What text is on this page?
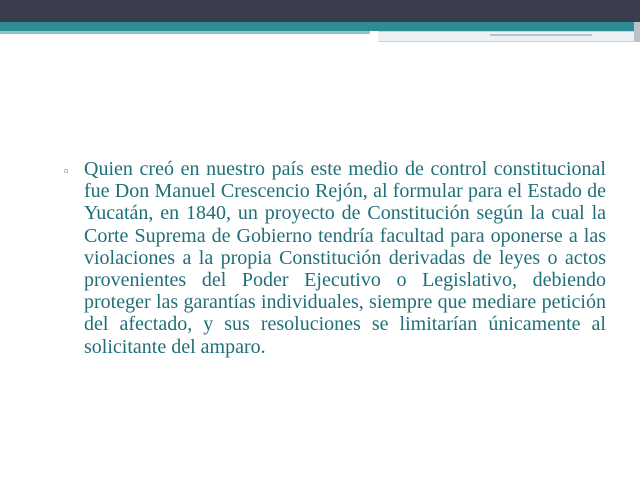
▫ Quien creó en nuestro país este medio de control constitucional fue Don Manuel Crescencio Rejón, al formular para el Estado de Yucatán, en 1840, un proyecto de Constitución según la cual la Corte Suprema de Gobierno tendría facultad para oponerse a las violaciones a la propia Constitución derivadas de leyes o actos provenientes del Poder Ejecutivo o Legislativo, debiendo proteger las garantías individuales, siempre que mediare petición del afectado, y sus resoluciones se limitarían únicamente al solicitante del amparo.
